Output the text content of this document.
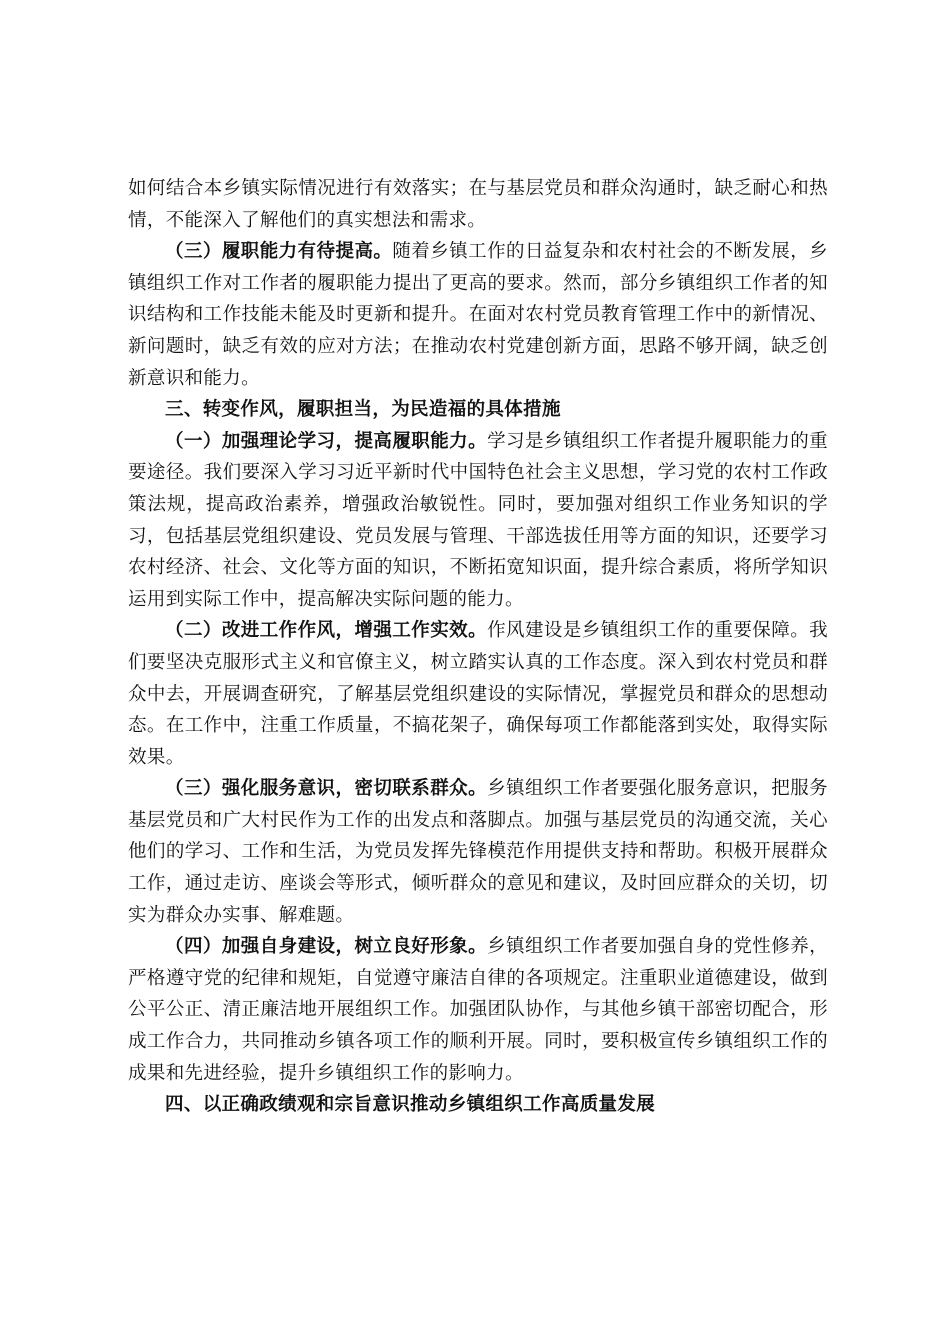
如何结合本乡镇实际情况进行有效落实；在与基层党员和群众沟通时，缺乏耐心和热情，不能深入了解他们的真实想法和需求。

（三）履职能力有待提高。随着乡镇工作的日益复杂和农村社会的不断发展，乡镇组织工作对工作者的履职能力提出了更高的要求。然而，部分乡镇组织工作者的知识结构和工作技能未能及时更新和提升。在面对农村党员教育管理工作中的新情况、新问题时，缺乏有效的应对方法；在推动农村党建创新方面，思路不够开阔，缺乏创新意识和能力。

三、转变作风，履职担当，为民造福的具体措施

（一）加强理论学习，提高履职能力。学习是乡镇组织工作者提升履职能力的重要途径。我们要深入学习习近平新时代中国特色社会主义思想，学习党的农村工作政策法规，提高政治素养，增强政治敏锐性。同时，要加强对组织工作业务知识的学习，包括基层党组织建设、党员发展与管理、干部选拔任用等方面的知识，还要学习农村经济、社会、文化等方面的知识，不断拓宽知识面，提升综合素质，将所学知识运用到实际工作中，提高解决实际问题的能力。

（二）改进工作作风，增强工作实效。作风建设是乡镇组织工作的重要保障。我们要坚决克服形式主义和官僚主义，树立踏实认真的工作态度。深入到农村党员和群众中去，开展调查研究，了解基层党组织建设的实际情况，掌握党员和群众的思想动态。在工作中，注重工作质量，不搞花架子，确保每项工作都能落到实处，取得实际效果。

（三）强化服务意识，密切联系群众。乡镇组织工作者要强化服务意识，把服务基层党员和广大村民作为工作的出发点和落脚点。加强与基层党员的沟通交流，关心他们的学习、工作和生活，为党员发挥先锋模范作用提供支持和帮助。积极开展群众工作，通过走访、座谈会等形式，倾听群众的意见和建议，及时回应群众的关切，切实为群众办实事、解难题。

（四）加强自身建设，树立良好形象。乡镇组织工作者要加强自身的党性修养，严格遵守党的纪律和规矩，自觉遵守廉洁自律的各项规定。注重职业道德建设，做到公平公正、清正廉洁地开展组织工作。加强团队协作，与其他乡镇干部密切配合，形成工作合力，共同推动乡镇各项工作的顺利开展。同时，要积极宣传乡镇组织工作的成果和先进经验，提升乡镇组织工作的影响力。

四、以正确政绩观和宗旨意识推动乡镇组织工作高质量发展
